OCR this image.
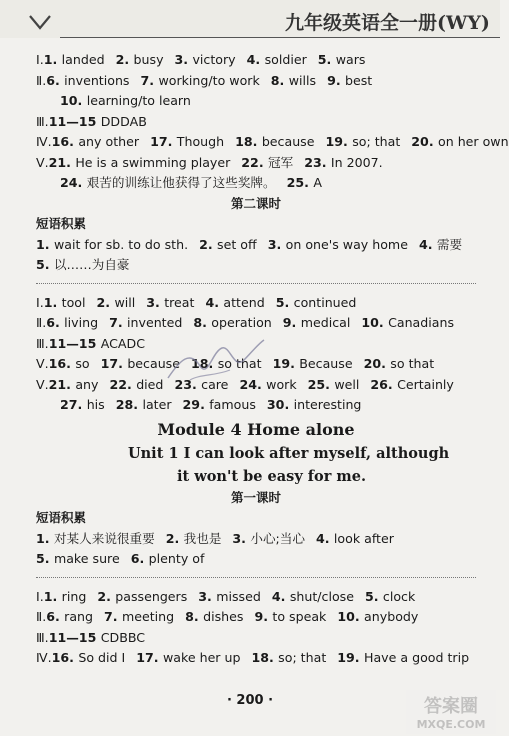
九年级英语全一册(WY)
Ⅰ.1. landed 2. busy 3. victory 4. soldier 5. wars
Ⅱ.6. inventions 7. working/to work 8. wills 9. best
10. learning/to learn
Ⅲ.11—15 DDDAB
Ⅳ.16. any other 17. Though 18. because 19. so; that 20. on her own
Ⅴ.21. He is a swimming player 22. 冠军 23. In 2007.
24. 艰苦的训练让他获得了这些奖牌。 25. A
第二课时
短语积累
1. wait for sb. to do sth. 2. set off 3. on one's way home 4. 需要
5. 以……为自豪
Ⅰ.1. tool 2. will 3. treat 4. attend 5. continued
Ⅱ.6. living 7. invented 8. operation 9. medical 10. Canadians
Ⅲ.11—15 ACADC
Ⅴ.16. so 17. because 18. so that 19. Because 20. so that
Ⅴ.21. any 22. died 23. care 24. work 25. well 26. Certainly
27. his 28. later 29. famous 30. interesting
Module 4 Home alone
Unit 1 I can look after myself, although
it won't be easy for me.
第一课时
短语积累
1. 对某人来说很重要 2. 我也是 3. 小心;当心 4. look after
5. make sure 6. plenty of
Ⅰ.1. ring 2. passengers 3. missed 4. shut/close 5. clock
Ⅱ.6. rang 7. meeting 8. dishes 9. to speak 10. anybody
Ⅲ.11—15 CDBBC
Ⅳ.16. So did I 17. wake her up 18. so; that 19. Have a good trip
· 200 ·	答案圈
MXQE.COM
